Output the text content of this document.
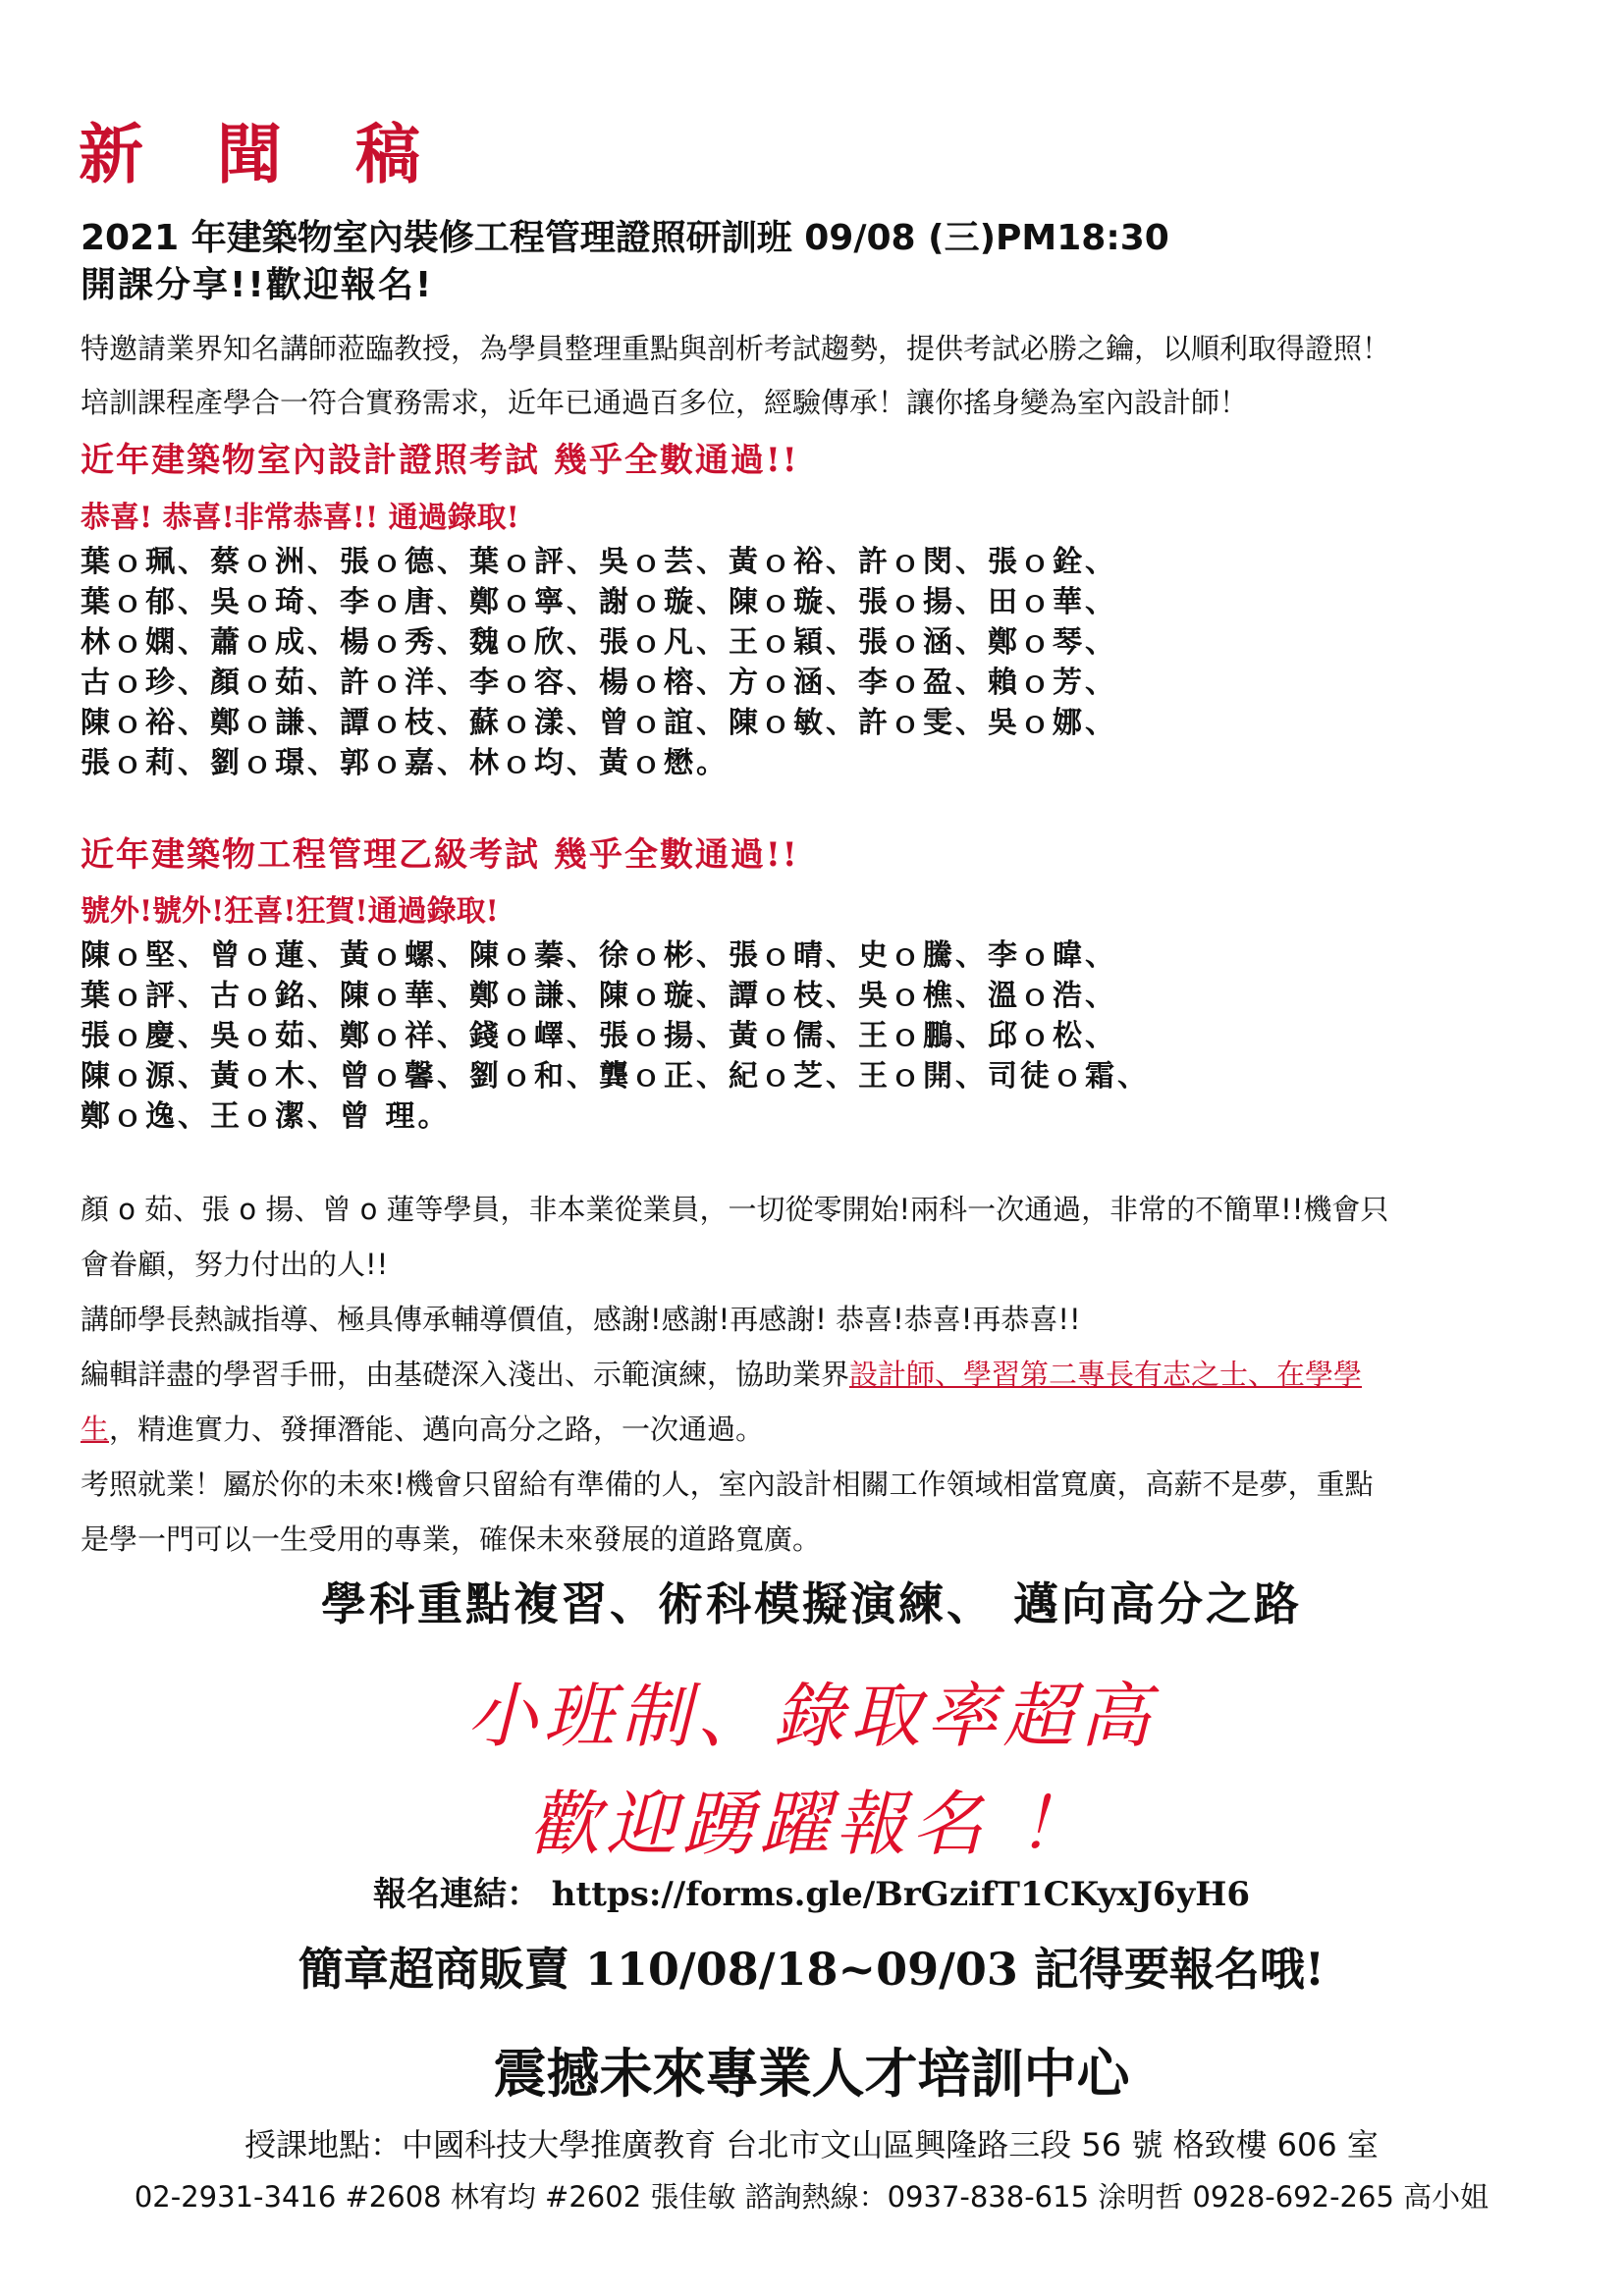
新 聞 稿
2021 年建築物室內裝修工程管理證照研訓班 09/08 (三)PM18:30
開課分享!!歡迎報名!
特邀請業界知名講師蒞臨教授，為學員整理重點與剖析考試趨勢，提供考試必勝之鑰，以順利取得證照！
培訓課程產學合一符合實務需求，近年已通過百多位，經驗傳承！讓你搖身變為室內設計師！
近年建築物室內設計證照考試 幾乎全數通過!!
恭喜! 恭喜!非常恭喜!! 通過錄取!
葉ｏ珮、蔡ｏ洲、張ｏ德、葉ｏ評、吳ｏ芸、黃ｏ裕、許ｏ閔、張ｏ銓、
葉ｏ郁、吳ｏ琦、李ｏ唐、鄭ｏ寧、謝ｏ璇、陳ｏ璇、張ｏ揚、田ｏ華、
林ｏ嫻、蕭ｏ成、楊ｏ秀、魏ｏ欣、張ｏ凡、王ｏ穎、張ｏ涵、鄭ｏ琴、
古ｏ珍、顏ｏ茹、許ｏ洋、李ｏ容、楊ｏ榕、方ｏ涵、李ｏ盈、賴ｏ芳、
陳ｏ裕、鄭ｏ謙、譚ｏ枝、蘇ｏ漾、曾ｏ誼、陳ｏ敏、許ｏ雯、吳ｏ娜、
張ｏ莉、劉ｏ璟、郭ｏ嘉、林ｏ均、黃ｏ懋。
近年建築物工程管理乙級考試 幾乎全數通過!!
號外!號外!狂喜!狂賀!通過錄取!
陳ｏ堅、曾ｏ蓮、黃ｏ螺、陳ｏ蓁、徐ｏ彬、張ｏ晴、史ｏ騰、李ｏ暐、
葉ｏ評、古ｏ銘、陳ｏ華、鄭ｏ謙、陳ｏ璇、譚ｏ枝、吳ｏ樵、溫ｏ浩、
張ｏ慶、吳ｏ茹、鄭ｏ祥、錢ｏ嶧、張ｏ揚、黃ｏ儒、王ｏ鵬、邱ｏ松、
陳ｏ源、黃ｏ木、曾ｏ馨、劉ｏ和、龔ｏ正、紀ｏ芝、王ｏ開、司徒ｏ霜、
鄭ｏ逸、王ｏ潔、曾 理。
顏 o 茹、張 o 揚、曾 o 蓮等學員，非本業從業員，一切從零開始!兩科一次通過，非常的不簡單!!機會只
會眷顧，努力付出的人!!
講師學長熱誠指導、極具傳承輔導價值，感謝!感謝!再感謝! 恭喜!恭喜!再恭喜!!
編輯詳盡的學習手冊，由基礎深入淺出、示範演練，協助業界設計師、學習第二專長有志之士、在學學
生，精進實力、發揮潛能、邁向高分之路，一次通過。
考照就業！屬於你的未來!機會只留給有準備的人，室內設計相關工作領域相當寬廣，高薪不是夢，重點
是學一門可以一生受用的專業，確保未來發展的道路寬廣。
學科重點複習、術科模擬演練、 邁向高分之路
小班制、錄取率超高
歡迎踴躍報名 ！
報名連結： https://forms.gle/BrGzifT1CKyxJ6yH6
簡章超商販賣 110/08/18~09/03 記得要報名哦!
震撼未來專業人才培訓中心
授課地點：中國科技大學推廣教育 台北市文山區興隆路三段 56 號 格致樓 606 室
02-2931-3416 #2608 林宥均 #2602 張佳敏 諮詢熱線：0937-838-615 涂明哲 0928-692-265 高小姐
